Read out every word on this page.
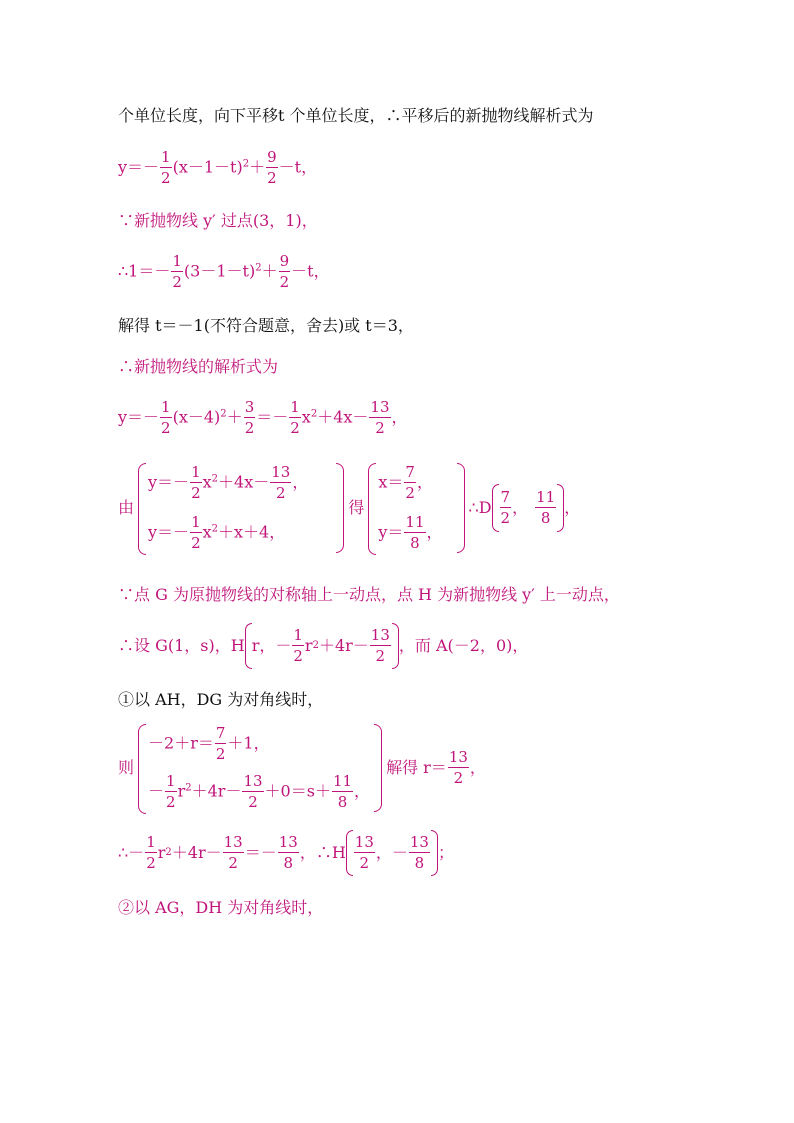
个单位长度，向下平移t 个单位长度，∴平移后的新抛物线解析式为
$y=- \frac{1}{2} (x-1-t)^2+ \frac{9}{2} -t$，
∵新抛物线 y′ 过点(3，1)，
∴1＝－ $\frac{1}{2} (3-1-t)^2+ \frac{9}{2} -t$，
解得 t＝－1(不符合题意，舍去)或 t＝3，
∴新抛物线的解析式为
$y=- \frac{1}{2} (x-4)^2+ \frac{3}{2} =- \frac{1}{2} x^2+4x- \frac{13}{2}$ ，
由
$y=- \frac{1}{2} x^2+4x- \frac{13}{2}$ ，
$y=- \frac{1}{2} x^2+x+4$，
得
$x= \frac{7}{2}$ ，
$y= \frac{11}{8}$ ，
∴D $\frac{7}{2}$ ， $\frac{11}{8}$ ，
∵点 G 为原抛物线的对称轴上一动点，点 H 为新抛物线 y′ 上一动点，
∴设 G(1，s)，H r，－ $\frac{1}{2}$ r $2 +4r- \frac{13}{2}$ ，而 A(－2，0)，
①以 AH，DG 为对角线时，
则
$-2+r= \frac{7}{2} +1$，
－ $\frac{1}{2} r^2+4r- \frac{13}{2} +0=s+ \frac{11}{8}$ ，
解得 $r= \frac{13}{2}$ ，
∴－ $\frac{1}{2}$ r $2 +4r- \frac{13}{2} =- \frac{13}{8}$ ，∴H $\frac{13}{2}$ ，－ $\frac{13}{8}$ ；
②以 AG，DH 为对角线时，
